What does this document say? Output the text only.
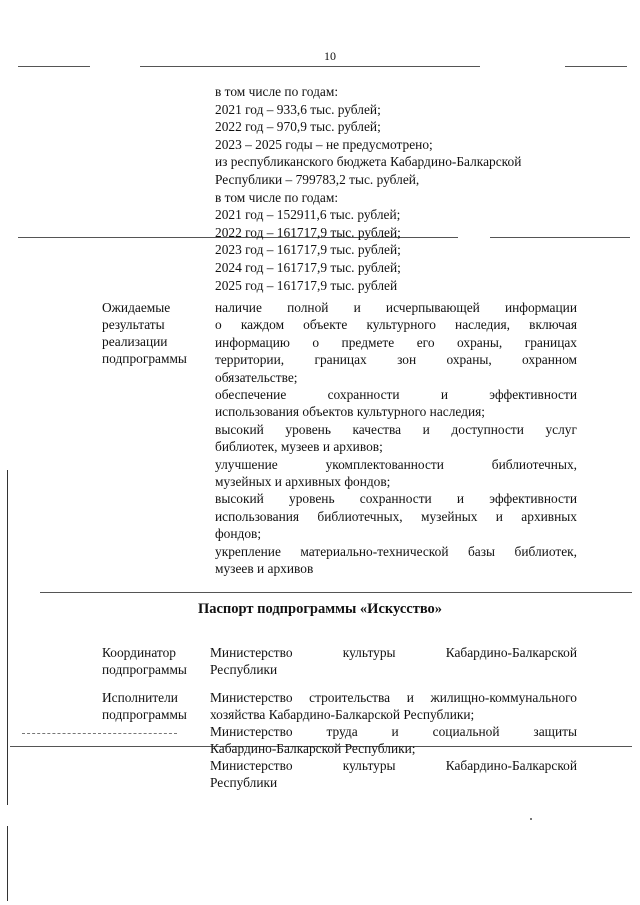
10
в том числе по годам:
2021 год – 933,6 тыс. рублей;
2022 год – 970,9 тыс. рублей;
2023 – 2025 годы – не предусмотрено;
из республиканского бюджета Кабардино-Балкарской
Республики – 799783,2 тыс. рублей,
в том числе по годам:
2021 год – 152911,6 тыс. рублей;
2022 год – 161717,9 тыс. рублей;
2023 год – 161717,9 тыс. рублей;
2024 год – 161717,9 тыс. рублей;
2025 год – 161717,9 тыс. рублей
Ожидаемые
результаты
реализации
подпрограммы
наличие полной и исчерпывающей информации
о каждом объекте культурного наследия, включая
информацию о предмете его охраны, границах
территории, границах зон охраны, охранном
обязательстве;
обеспечение сохранности и эффективности
использования объектов культурного наследия;
высокий уровень качества и доступности услуг
библиотек, музеев и архивов;
улучшение укомплектованности библиотечных,
музейных и архивных фондов;
высокий уровень сохранности и эффективности
использования библиотечных, музейных и архивных
фондов;
укрепление материально-технической базы библиотек,
музеев и архивов
Паспорт подпрограммы «Искусство»
Координатор
подпрограммы
Министерство культуры Кабардино-Балкарской
Республики
Исполнители
подпрограммы
Министерство строительства и жилищно-коммунального
хозяйства Кабардино-Балкарской Республики;
Министерство труда и социальной защиты
Кабардино-Балкарской Республики;
Министерство культуры Кабардино-Балкарской
Республики
